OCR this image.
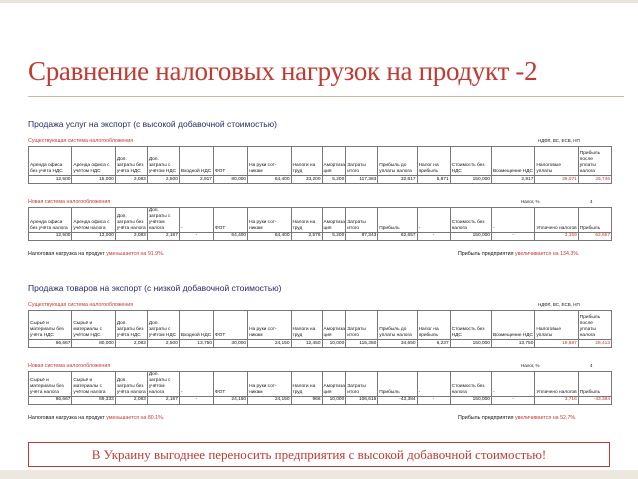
Сравнение налоговых нагрузок на продукт -2
Продажа услуг на экспорт (с высокой добавочной стоимостью)
Существующая система налогообложения	НДФЛ, ВС, ЕСВ, НП
Аренда офиса без учёта НДС	Аренда офиса с учётом НДС	Доп. затраты без учёта НДС	Доп. затраты с учётом НДС	Входной НДС	ФОТ	На руки сот-никам	Налоги на труд	Амортиза ция	Затраты итого	Прибыль до уплаты налога	Налог на прибыль	Стоимость без НДС	Возмещение НДС	Налоговые уплаты	Прибыль после уплаты налога
12,500	15,000	2,083	2,500	2,917	80,000	64,400	33,200	5,200	117,383	32,617	5,871	150,000	2,917	39,071	26,746
Новая система налогообложения	Налог, %	4
Аренда офиса без учёта налога	Аренда офиса с учётом налога	Доп. затраты без учёта налога	Доп. затраты с учётом налога	-	ФОТ	На руки сот-никам	Налоги на труд	Амортиза ция	Затраты итого	Прибыль	-	Стоимость без налога	-	Уплачено налогов	Прибыль
12,500	13,000	2,083	2,167	-	64,400	64,400	2,576	5,200	87,343	62,657	-	150,000	-	3,159	62,657
Налоговая нагрузка на продукт уменьшается на 91.9%.	Прибыль предприятия увеличивается на 134.3%.
Продажа товаров на экспорт (с низкой добавочной стоимостью)
Существующая система налогообложения	НДФЛ, ВС, ЕСВ, НП
Сырьё и материалы без учёта НДС	Сырьё и материалы с учётом НДС	Доп. затраты без учёта НДС	Доп. затраты с учётом НДС	Входной НДС	ФОТ	На руки сот-никам	Налоги на труд	Амортиза ция	Затраты итого	Прибыль до уплаты налога	Налог на прибыль	Стоимость без НДС	Возмещение НДС	Налоговые уплаты	Прибыль после уплаты налога
66,667	80,000	2,083	2,500	13,750	30,000	24,150	12,450	10,000	115,350	34,650	6,237	150,000	13,750	18,687	28,413
Новая система налогообложения	Налог, %	4
Сырьё и материалы без учёта налога	Сырьё и материалы с учётом налога	Доп. затраты без учёта налога	Доп. затраты с учётом налога	-	ФОТ	На руки сот-никам	Налоги на труд	Амортиза ция	Затраты итого	Прибыль	-	Стоимость без налога	-	Уплачено налогов	Прибыль
66,667	69,333	2,083	2,167	-	24,150	24,150	966	10,000	106,616	-43,384	-	150,000	-	3,716	-43,384
Налоговая нагрузка на продукт уменьшается на 80.1%.	Прибыль предприятия увеличивается на 52.7%.
В Украину выгоднее переносить предприятия с высокой добавочной стоимостью!
